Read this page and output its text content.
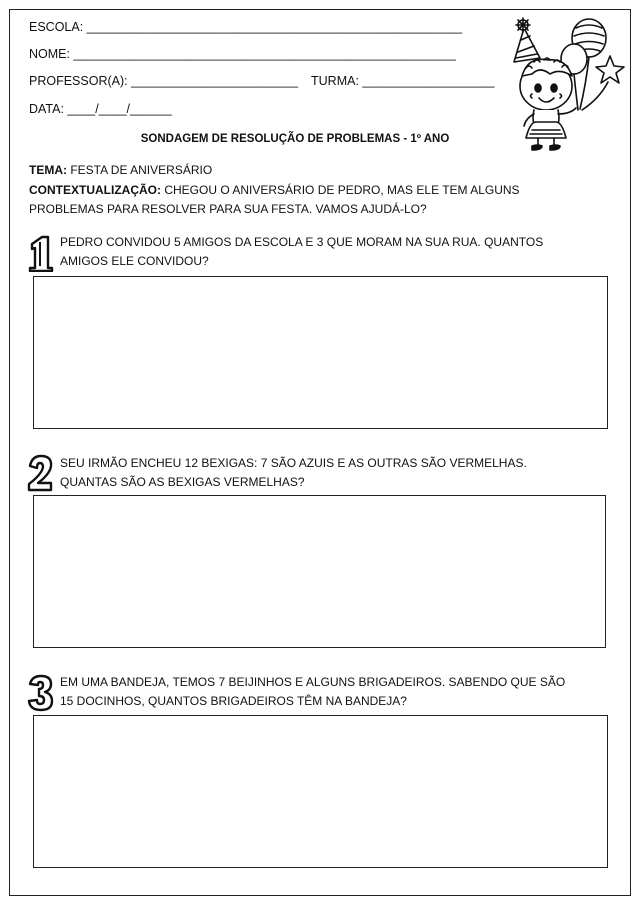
ESCOLA: ______________________________________________________
NOME: _______________________________________________________
PROFESSOR(A): ________________________ TURMA: ___________________
DATA: ____/____/______
SONDAGEM DE RESOLUÇÃO DE PROBLEMAS - 1º ANO
TEMA: FESTA DE ANIVERSÁRIO
CONTEXTUALIZAÇÃO: CHEGOU O ANIVERSÁRIO DE PEDRO, MAS ELE TEM ALGUNS
PROBLEMAS PARA RESOLVER PARA SUA FESTA. VAMOS AJUDÁ-LO?
PEDRO CONVIDOU 5 AMIGOS DA ESCOLA E 3 QUE MORAM NA SUA RUA. QUANTOS
AMIGOS ELE CONVIDOU?
SEU IRMÃO ENCHEU 12 BEXIGAS: 7 SÃO AZUIS E AS OUTRAS SÃO VERMELHAS.
QUANTAS SÃO AS BEXIGAS VERMELHAS?
EM UMA BANDEJA, TEMOS 7 BEIJINHOS E ALGUNS BRIGADEIROS. SABENDO QUE SÃO
15 DOCINHOS, QUANTOS BRIGADEIROS TÊM NA BANDEJA?
